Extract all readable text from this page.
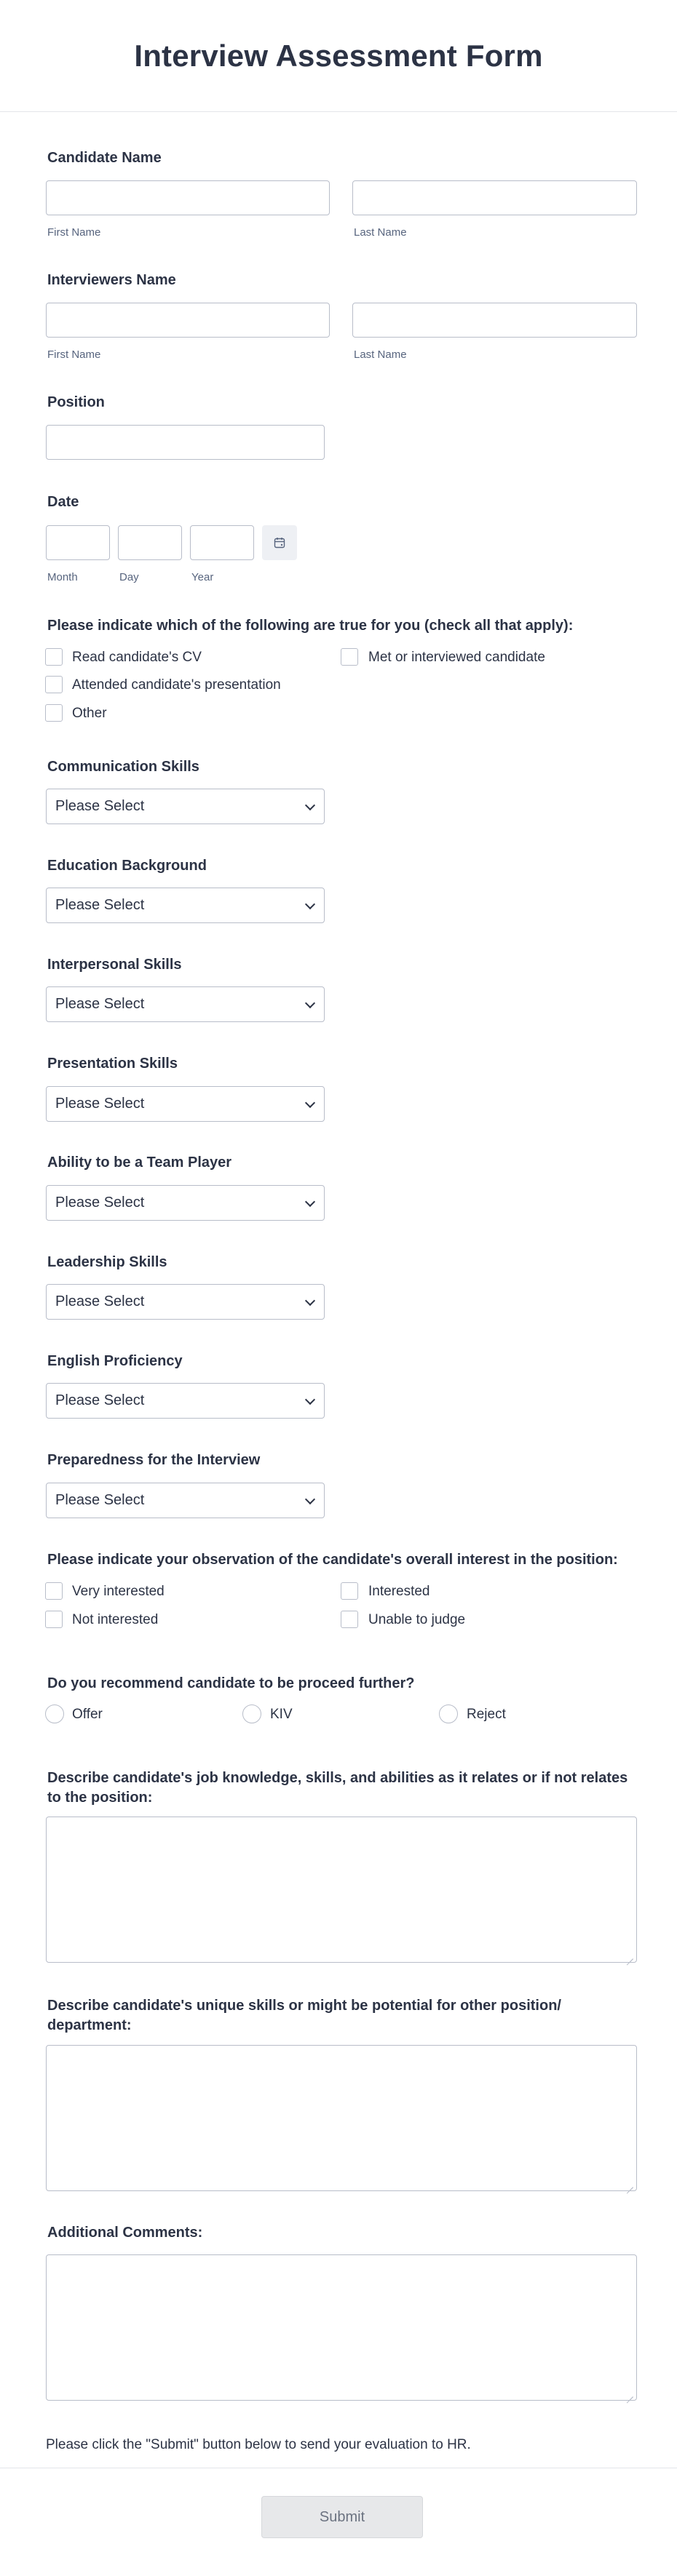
Interview Assessment Form
Candidate Name
First Name	Last Name
Interviewers Name
First Name	Last Name
Position
Date
Month	Day	Year
Please indicate which of the following are true for you (check all that apply):
Read candidate's CV	Met or interviewed candidate
Attended candidate's presentation
Other
Communication Skills
Please Select
Education Background
Please Select
Interpersonal Skills
Please Select
Presentation Skills
Please Select
Ability to be a Team Player
Please Select
Leadership Skills
Please Select
English Proficiency
Please Select
Preparedness for the Interview
Please Select
Please indicate your observation of the candidate's overall interest in the position:
Very interested	Interested
Not interested	Unable to judge
Do you recommend candidate to be proceed further?
Offer	KIV	Reject
Describe candidate's job knowledge, skills, and abilities as it relates or if not relates to the position:
Describe candidate's unique skills or might be potential for other position/ department:
Additional Comments:
Please click the "Submit" button below to send your evaluation to HR.
Submit
